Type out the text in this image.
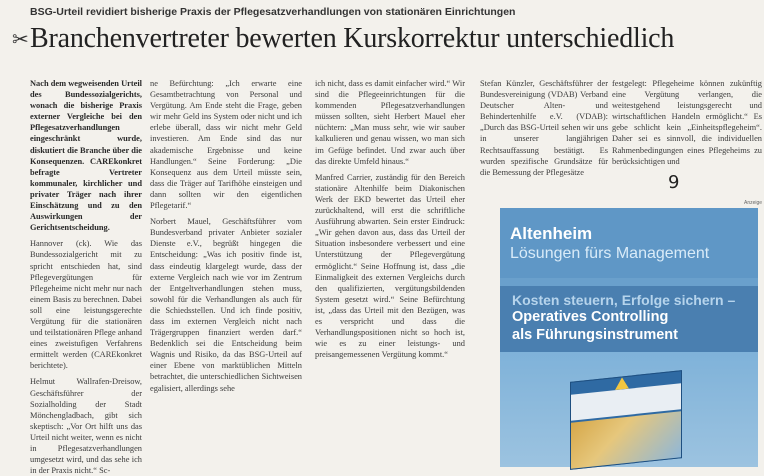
BSG-Urteil revidiert bisherige Praxis der Pflegesatzverhandlungen von stationären Einrichtungen
✂ Branchenvertreter bewerten Kurskorrektur unterschiedlich

Nach dem wegweisenden Urteil des Bundessozialgerichts, wonach die bisherige Praxis externer Vergleiche bei den Pflegesatzverhandlungen eingeschränkt wurde, diskutiert die Branche über die Konsequenzen. CAREkonkret befragte Vertreter kommunaler, kirchlicher und privater Träger nach ihrer Einschätzung und zu den Auswirkungen der Gerichtsentscheidung.

Hannover (ck). Wie das Bundessozialgericht mit zu spricht entschieden hat, sind Pflegevergütungen für Pflegeheime nicht mehr nur nach einem Basis zu berechnen. Dabei soll eine leistungsgerechte Vergütung für die stationären und teilstationären Pflege anhand eines zweistufigen Verfahrens ermittelt werden (CAREkonkret berichtete).

Helmut Wallrafen-Dreisow, Geschäftsführer der Sozialholding der Stadt Mönchengladbach, gibt sich skeptisch: „Vor Ort hilft uns das Urteil nicht weiter, wenn es nicht in Pflegesatzverhandlungen umgesetzt wird, und das sehe ich in der Praxis nicht.“ Sc-

ne Befürchtung: „Ich erwarte eine Gesamtbetrachtung von Personal und Vergütung. Am Ende steht die Frage, geben wir mehr Geld ins System oder nicht und ich erlebe überall, dass wir nicht mehr Geld investieren. Am Ende sind das nur akademische Ergebnisse und keine Handlungen.“ Seine Forderung: „Die Konsequenz aus dem Urteil müsste sein, dass die Träger auf Tarifhöhe einsteigen und dann sollten wir den eigentlichen Pflegetarif.“

Norbert Mauel, Geschäftsführer vom Bundesverband privater Anbieter sozialer Dienste e.V., begrüßt hingegen die Entscheidung: „Was ich positiv finde ist, dass eindeutig klargelegt wurde, dass der externe Vergleich nach wie vor im Zentrum der Entgeltverhandlungen stehen muss, sowohl für die Verhandlungen als auch für die Schiedsstellen. Und ich finde positiv, dass im externen Vergleich nicht nach Trägergruppen finanziert werden darf.“ Bedenklich sei die Entscheidung beim Wagnis und Risiko, da das BSG-Urteil auf einer Ebene von marktüblichen Mitteln betrachtet, die unterschiedlichen Sichtweisen egalisiert, allerdings sehe

ich nicht, dass es damit einfacher wird.“ Wir sind die Pflegeeinrichtungen für die kommenden Pflegesatzverhandlungen müssen sollten, sieht Herbert Mauel eher nüchtern: „Man muss sehr, wie wir sauber kalkulieren und genau wissen, wo man sich im Gefüge befindet. Und zwar auch über das direkte Umfeld hinaus.“

Manfred Carrier, zuständig für den Bereich stationäre Altenhilfe beim Diakonischen Werk der EKD bewertet das Urteil eher zurückhaltend, will erst die schriftliche Ausführung abwarten. Sein erster Eindruck: „Wir gehen davon aus, dass das Urteil der Situation insbesondere verbessert und eine Unterstützung der Pflegevergütung ermöglicht.“ Seine Hoffnung ist, dass „die Einmaligkeit des externen Vergleichs durch den qualifizierten, vergütungsbildenden System gesetzt wird.“ Seine Befürchtung ist, „dass das Urteil mit den Bezügen, was es verspricht und dass die Verhandlungspositionen nicht so hoch ist, wie es zu einer leistungs- und preisangemessenen Vergütung kommt.“

Stefan Künzler, Geschäftsführer der Bundesvereinigung (VDAB) Verband Deutscher Alten- und Behindertenhilfe e.V. (VDAB): „Durch das BSG-Urteil sehen wir uns in unserer langjährigen Rechtsauffassung bestätigt. Es wurden spezifische Grundsätze für die Bemessung der Pflegesätze

festgelegt: Pflegeheime können zukünftig eine Vergütung verlangen, die weitestgehend leistungsgerecht und wirtschaftlichen Handeln ermöglicht.“ Es gebe schlicht kein „Einheitspflegeheim“. Daher sei es sinnvoll, die individuellen Rahmenbedingungen eines Pflegeheims zu berücksichtigen und

9
Anzeige
Altenheim
Lösungen fürs Management
Kosten steuern, Erfolge sichern –
Operatives Controlling
als Führungsinstrument
